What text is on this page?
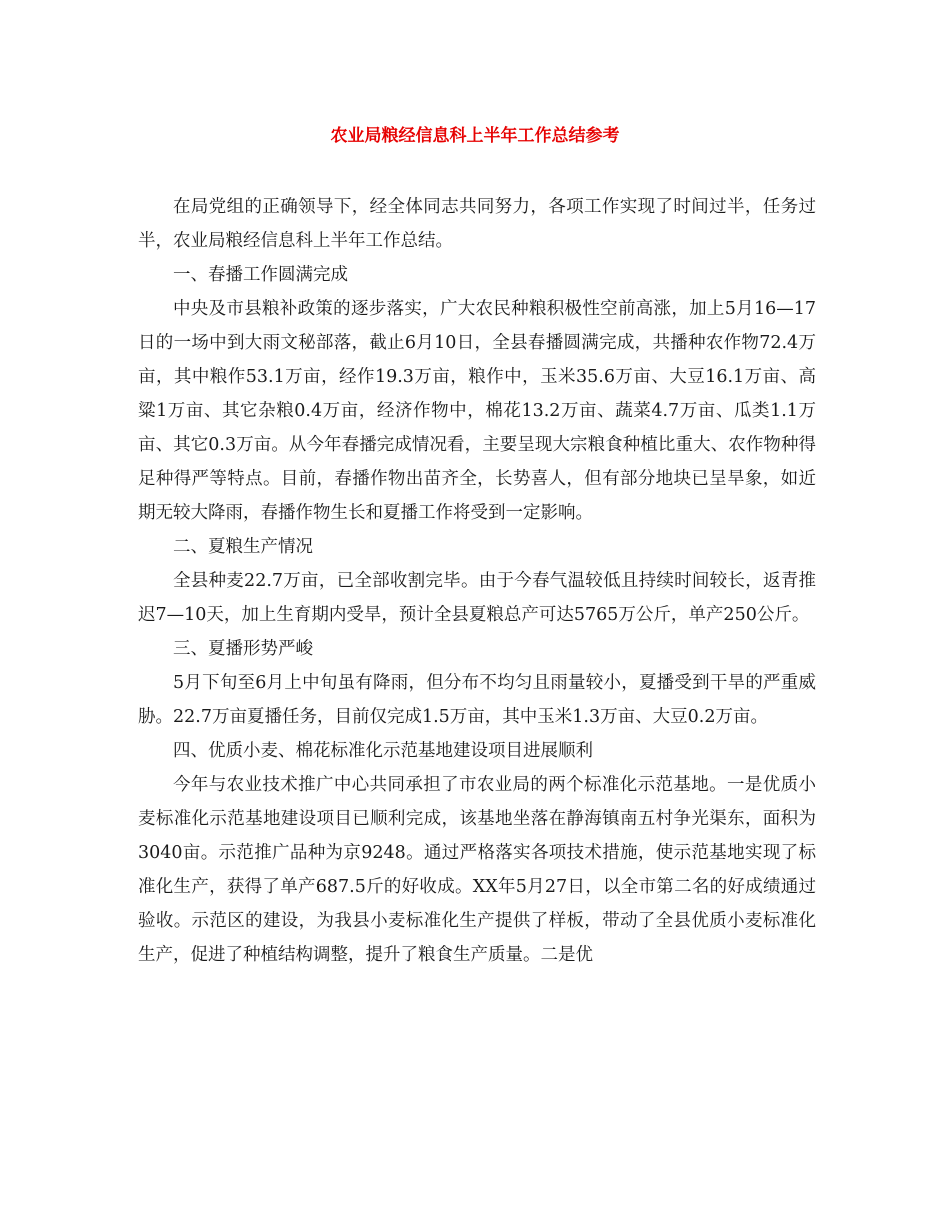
农业局粮经信息科上半年工作总结参考

在局党组的正确领导下，经全体同志共同努力，各项工作实现了时间过半，任务过半，农业局粮经信息科上半年工作总结。

一、春播工作圆满完成

中央及市县粮补政策的逐步落实，广大农民种粮积极性空前高涨，加上5月16—17日的一场中到大雨文秘部落，截止6月10日，全县春播圆满完成，共播种农作物72.4万亩，其中粮作53.1万亩，经作19.3万亩，粮作中，玉米35.6万亩、大豆16.1万亩、高粱1万亩、其它杂粮0.4万亩，经济作物中，棉花13.2万亩、蔬菜4.7万亩、瓜类1.1万亩、其它0.3万亩。从今年春播完成情况看，主要呈现大宗粮食种植比重大、农作物种得足种得严等特点。目前，春播作物出苗齐全，长势喜人，但有部分地块已呈旱象，如近期无较大降雨，春播作物生长和夏播工作将受到一定影响。

二、夏粮生产情况

全县种麦22.7万亩，已全部收割完毕。由于今春气温较低且持续时间较长，返青推迟7—10天，加上生育期内受旱，预计全县夏粮总产可达5765万公斤，单产250公斤。

三、夏播形势严峻

5月下旬至6月上中旬虽有降雨，但分布不均匀且雨量较小，夏播受到干旱的严重威胁。22.7万亩夏播任务，目前仅完成1.5万亩，其中玉米1.3万亩、大豆0.2万亩。

四、优质小麦、棉花标准化示范基地建设项目进展顺利

今年与农业技术推广中心共同承担了市农业局的两个标准化示范基地。一是优质小麦标准化示范基地建设项目已顺利完成，该基地坐落在静海镇南五村争光渠东，面积为3040亩。示范推广品种为京9248。通过严格落实各项技术措施，使示范基地实现了标准化生产，获得了单产687.5斤的好收成。XX年5月27日，以全市第二名的好成绩通过验收。示范区的建设，为我县小麦标准化生产提供了样板，带动了全县优质小麦标准化生产，促进了种植结构调整，提升了粮食生产质量。二是优
